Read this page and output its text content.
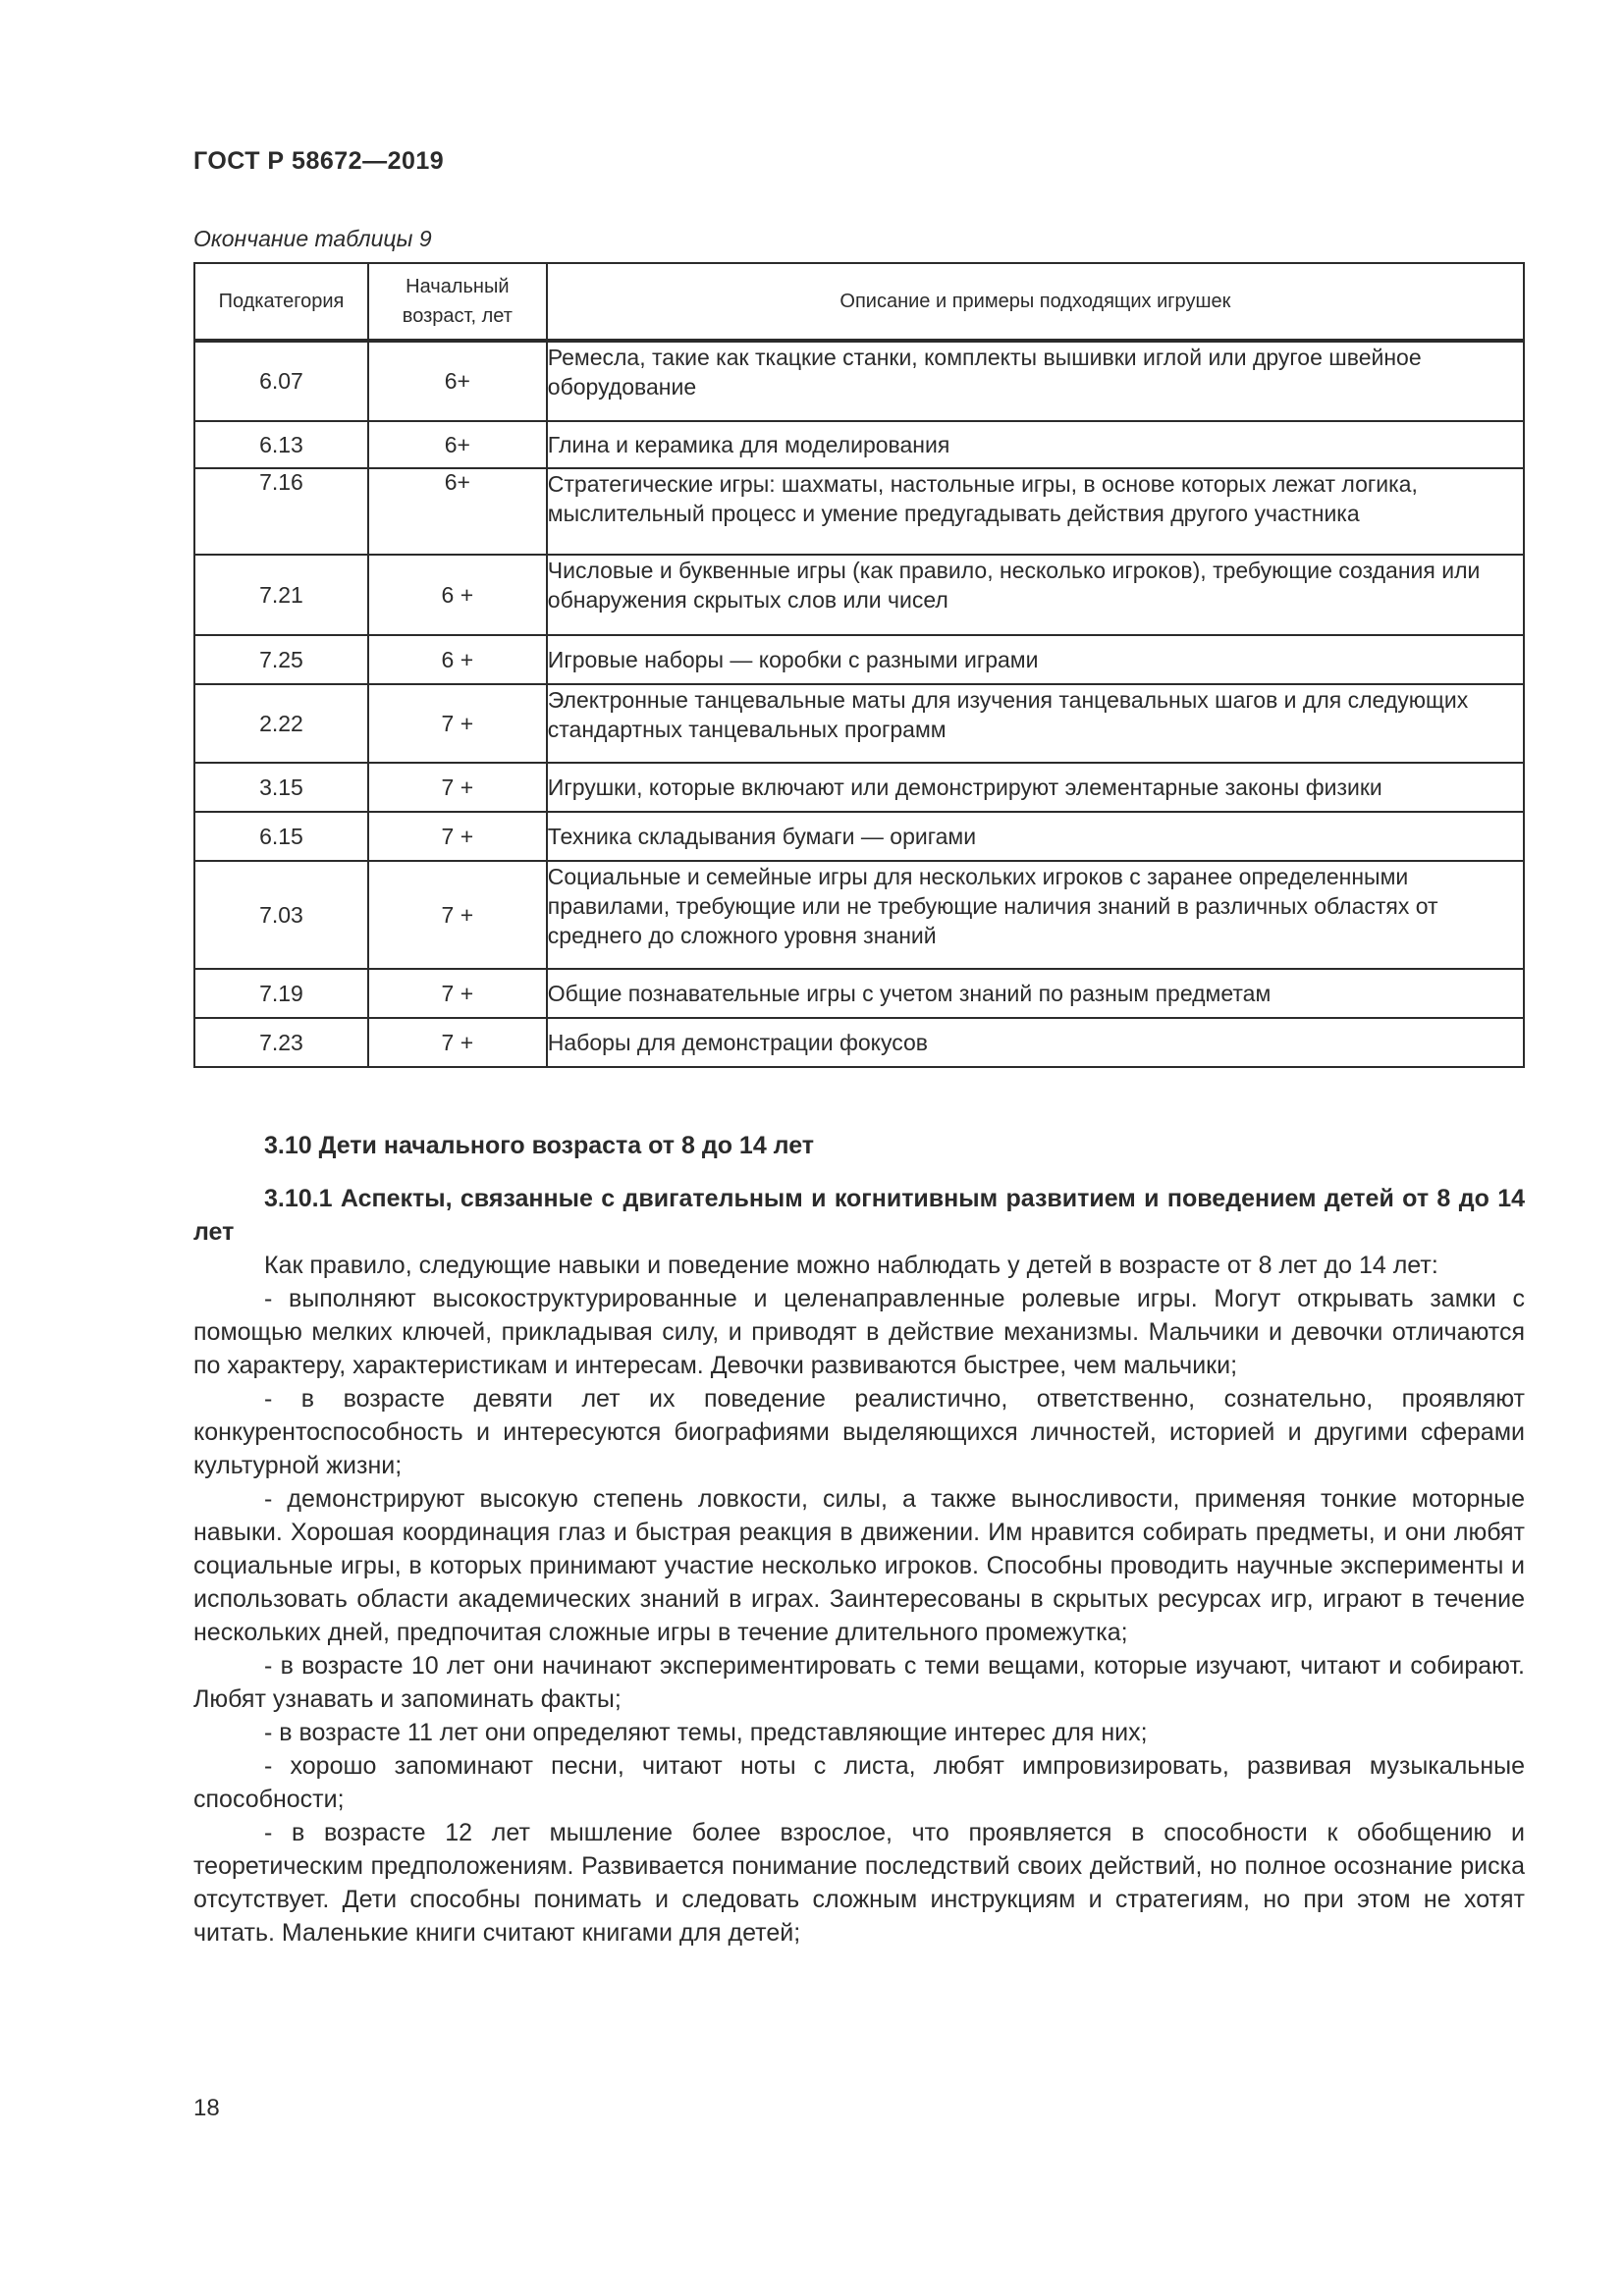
ГОСТ Р 58672—2019
Окончание таблицы 9
Подкатегория	Начальный возраст, лет	Описание и примеры подходящих игрушек
6.07	6+	Ремесла, такие как ткацкие станки, комплекты вышивки иглой или другое швейное оборудование
6.13	6+	Глина и керамика для моделирования
7.16	6+	Стратегические игры: шахматы, настольные игры, в основе которых лежат логика, мыслительный процесс и умение предугадывать действия другого участника
7.21	6 +	Числовые и буквенные игры (как правило, несколько игроков), требующие создания или обнаружения скрытых слов или чисел
7.25	6 +	Игровые наборы — коробки с разными играми
2.22	7 +	Электронные танцевальные маты для изучения танцевальных шагов и для следующих стандартных танцевальных программ
3.15	7 +	Игрушки, которые включают или демонстрируют элементарные законы физики
6.15	7 +	Техника складывания бумаги — оригами
7.03	7 +	Социальные и семейные игры для нескольких игроков с заранее определенными правилами, требующие или не требующие наличия знаний в различных областях от среднего до сложного уровня знаний
7.19	7 +	Общие познавательные игры с учетом знаний по разным предметам
7.23	7 +	Наборы для демонстрации фокусов

3.10 Дети начального возраста от 8 до 14 лет

3.10.1 Аспекты, связанные с двигательным и когнитивным развитием и поведением детей от 8 до 14 лет

Как правило, следующие навыки и поведение можно наблюдать у детей в возрасте от 8 лет до 14 лет:

- выполняют высокоструктурированные и целенаправленные ролевые игры. Могут открывать замки с помощью мелких ключей, прикладывая силу, и приводят в действие механизмы. Мальчики и девочки отличаются по характеру, характеристикам и интересам. Девочки развиваются быстрее, чем мальчики;

- в возрасте девяти лет их поведение реалистично, ответственно, сознательно, проявляют конкурентоспособность и интересуются биографиями выделяющихся личностей, историей и другими сферами культурной жизни;

- демонстрируют высокую степень ловкости, силы, а также выносливости, применяя тонкие моторные навыки. Хорошая координация глаз и быстрая реакция в движении. Им нравится собирать предметы, и они любят социальные игры, в которых принимают участие несколько игроков. Способны проводить научные эксперименты и использовать области академических знаний в играх. Заинтересованы в скрытых ресурсах игр, играют в течение нескольких дней, предпочитая сложные игры в течение длительного промежутка;

- в возрасте 10 лет они начинают экспериментировать с теми вещами, которые изучают, читают и собирают. Любят узнавать и запоминать факты;

- в возрасте 11 лет они определяют темы, представляющие интерес для них;

- хорошо запоминают песни, читают ноты с листа, любят импровизировать, развивая музыкальные способности;

- в возрасте 12 лет мышление более взрослое, что проявляется в способности к обобщению и теоретическим предположениям. Развивается понимание последствий своих действий, но полное осознание риска отсутствует. Дети способны понимать и следовать сложным инструкциям и стратегиям, но при этом не хотят читать. Маленькие книги считают книгами для детей;

18
